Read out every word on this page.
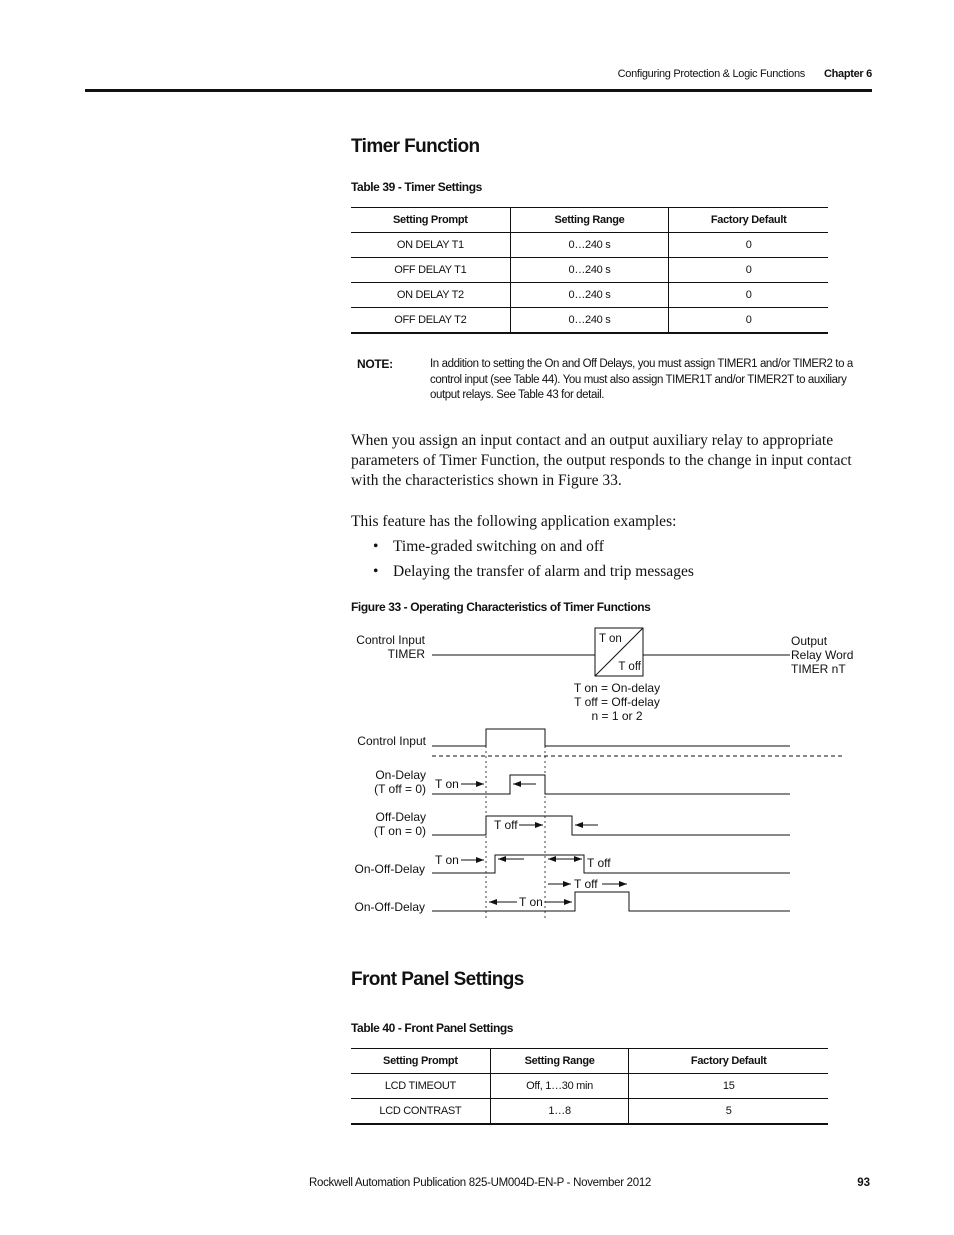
Configuring Protection & Logic Functions	Chapter 6
Timer Function
Table 39 - Timer Settings
Setting Prompt	Setting Range	Factory Default
ON DELAY T1	0…240 s	0
OFF DELAY T1	0…240 s	0
ON DELAY T2	0…240 s	0
OFF DELAY T2	0…240 s	0
NOTE:	In addition to setting the On and Off Delays, you must assign TIMER1 and/or TIMER2 to a control input (see Table 44). You must also assign TIMER1T and/or TIMER2T to auxiliary output relays. See Table 43 for detail.
When you assign an input contact and an output auxiliary relay to appropriate parameters of Timer Function, the output responds to the change in input contact with the characteristics shown in Figure 33.
This feature has the following application examples:
• Time-graded switching on and off
• Delaying the transfer of alarm and trip messages
Figure 33 - Operating Characteristics of Timer Functions
Control Input
TIMER
T on
T off
Output
Relay Word
TIMER nT
T on = On-delay
T off = Off-delay
n = 1 or 2
Control Input
On-Delay
(T off = 0) T on
Off-Delay
(T on = 0)	T off
On-Off-Delay
T on	T off
On-Off-Delay
T off
T on
Front Panel Settings
Table 40 - Front Panel Settings
Setting Prompt	Setting Range	Factory Default
LCD TIMEOUT	Off, 1…30 min	15
LCD CONTRAST	1…8	5
Rockwell Automation Publication 825-UM004D-EN-P - November 2012	93
